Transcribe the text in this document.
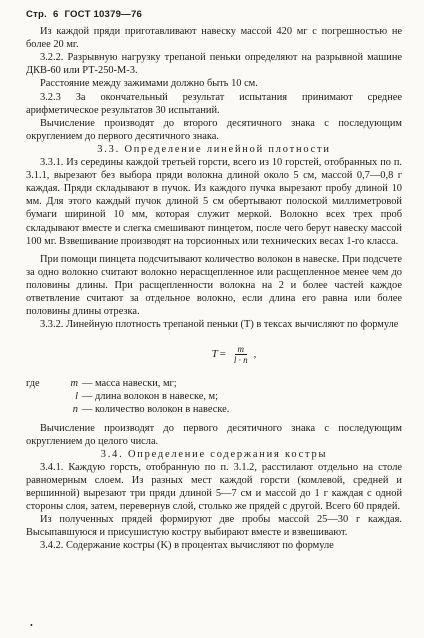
Стр. 6 ГОСТ 10379—76

Из каждой пряди приготавливают навеску массой 420 мг с погрешностью не более 20 мг.

3.2.2. Разрывную нагрузку трепаной пеньки определяют на разрывной машине ДКВ-60 или РТ-250-М-3.

Расстояние между зажимами должно быть 10 см.

3.2.3 За окончательный результат испытания принимают среднее арифметическое результатов 30 испытаний.

Вычисление производят до второго десятичного знака с последующим округлением до первого десятичного знака.

3.3. Определение линейной плотности

3.3.1. Из середины каждой третьей горсти, всего из 10 горстей, отобранных по п. 3.1.1, вырезают без выбора пряди волокна длиной около 5 см, массой 0,7—0,8 г каждая. Пряди складывают в пучок. Из каждого пучка вырезают пробу длиной 10 мм. Для этого каждый пучок длиной 5 см обертывают полоской миллиметровой бумаги шириной 10 мм, которая служит меркой. Волокно всех трех проб складывают вместе и слегка смешивают пинцетом, после чего берут навеску массой 100 мг. Взвешивание производят на торсионных или технических весах 1-го класса.

При помощи пинцета подсчитывают количество волокон в навеске. При подсчете за одно волокно считают волокно нерасщепленное или расщепленное менее чем до половины длины. При расщепленности волокна на 2 и более частей каждое ответвление считают за отдельное волокно, если длина его равна или более половины длины отрезка.

3.3.2. Линейную плотность трепаной пеньки (T) в тексах вычисляют по формуле

$T = \frac{m}{l \cdot n}$ ,
где	m — масса навески, мг;
l — длина волокон в навеске, м;
n — количество волокон в навеске.

Вычисление производят до первого десятичного знака с последующим округлением до целого числа.

3.4. Определение содержания костры

3.4.1. Каждую горсть, отобранную по п. 3.1.2, расстилают отдельно на столе равномерным слоем. Из разных мест каждой горсти (комлевой, средней и вершинной) вырезают три пряди длиной 5—7 см и массой до 1 г каждая с одной стороны слоя, затем, перевернув слой, столько же прядей с другой. Всего 60 прядей.

Из полученных прядей формируют две пробы массой 25—30 г каждая. Высыпавшуюся и присушистую костру выбирают вместе и взвешивают.

3.4.2. Содержание костры (K) в процентах вычисляют по формуле

•
